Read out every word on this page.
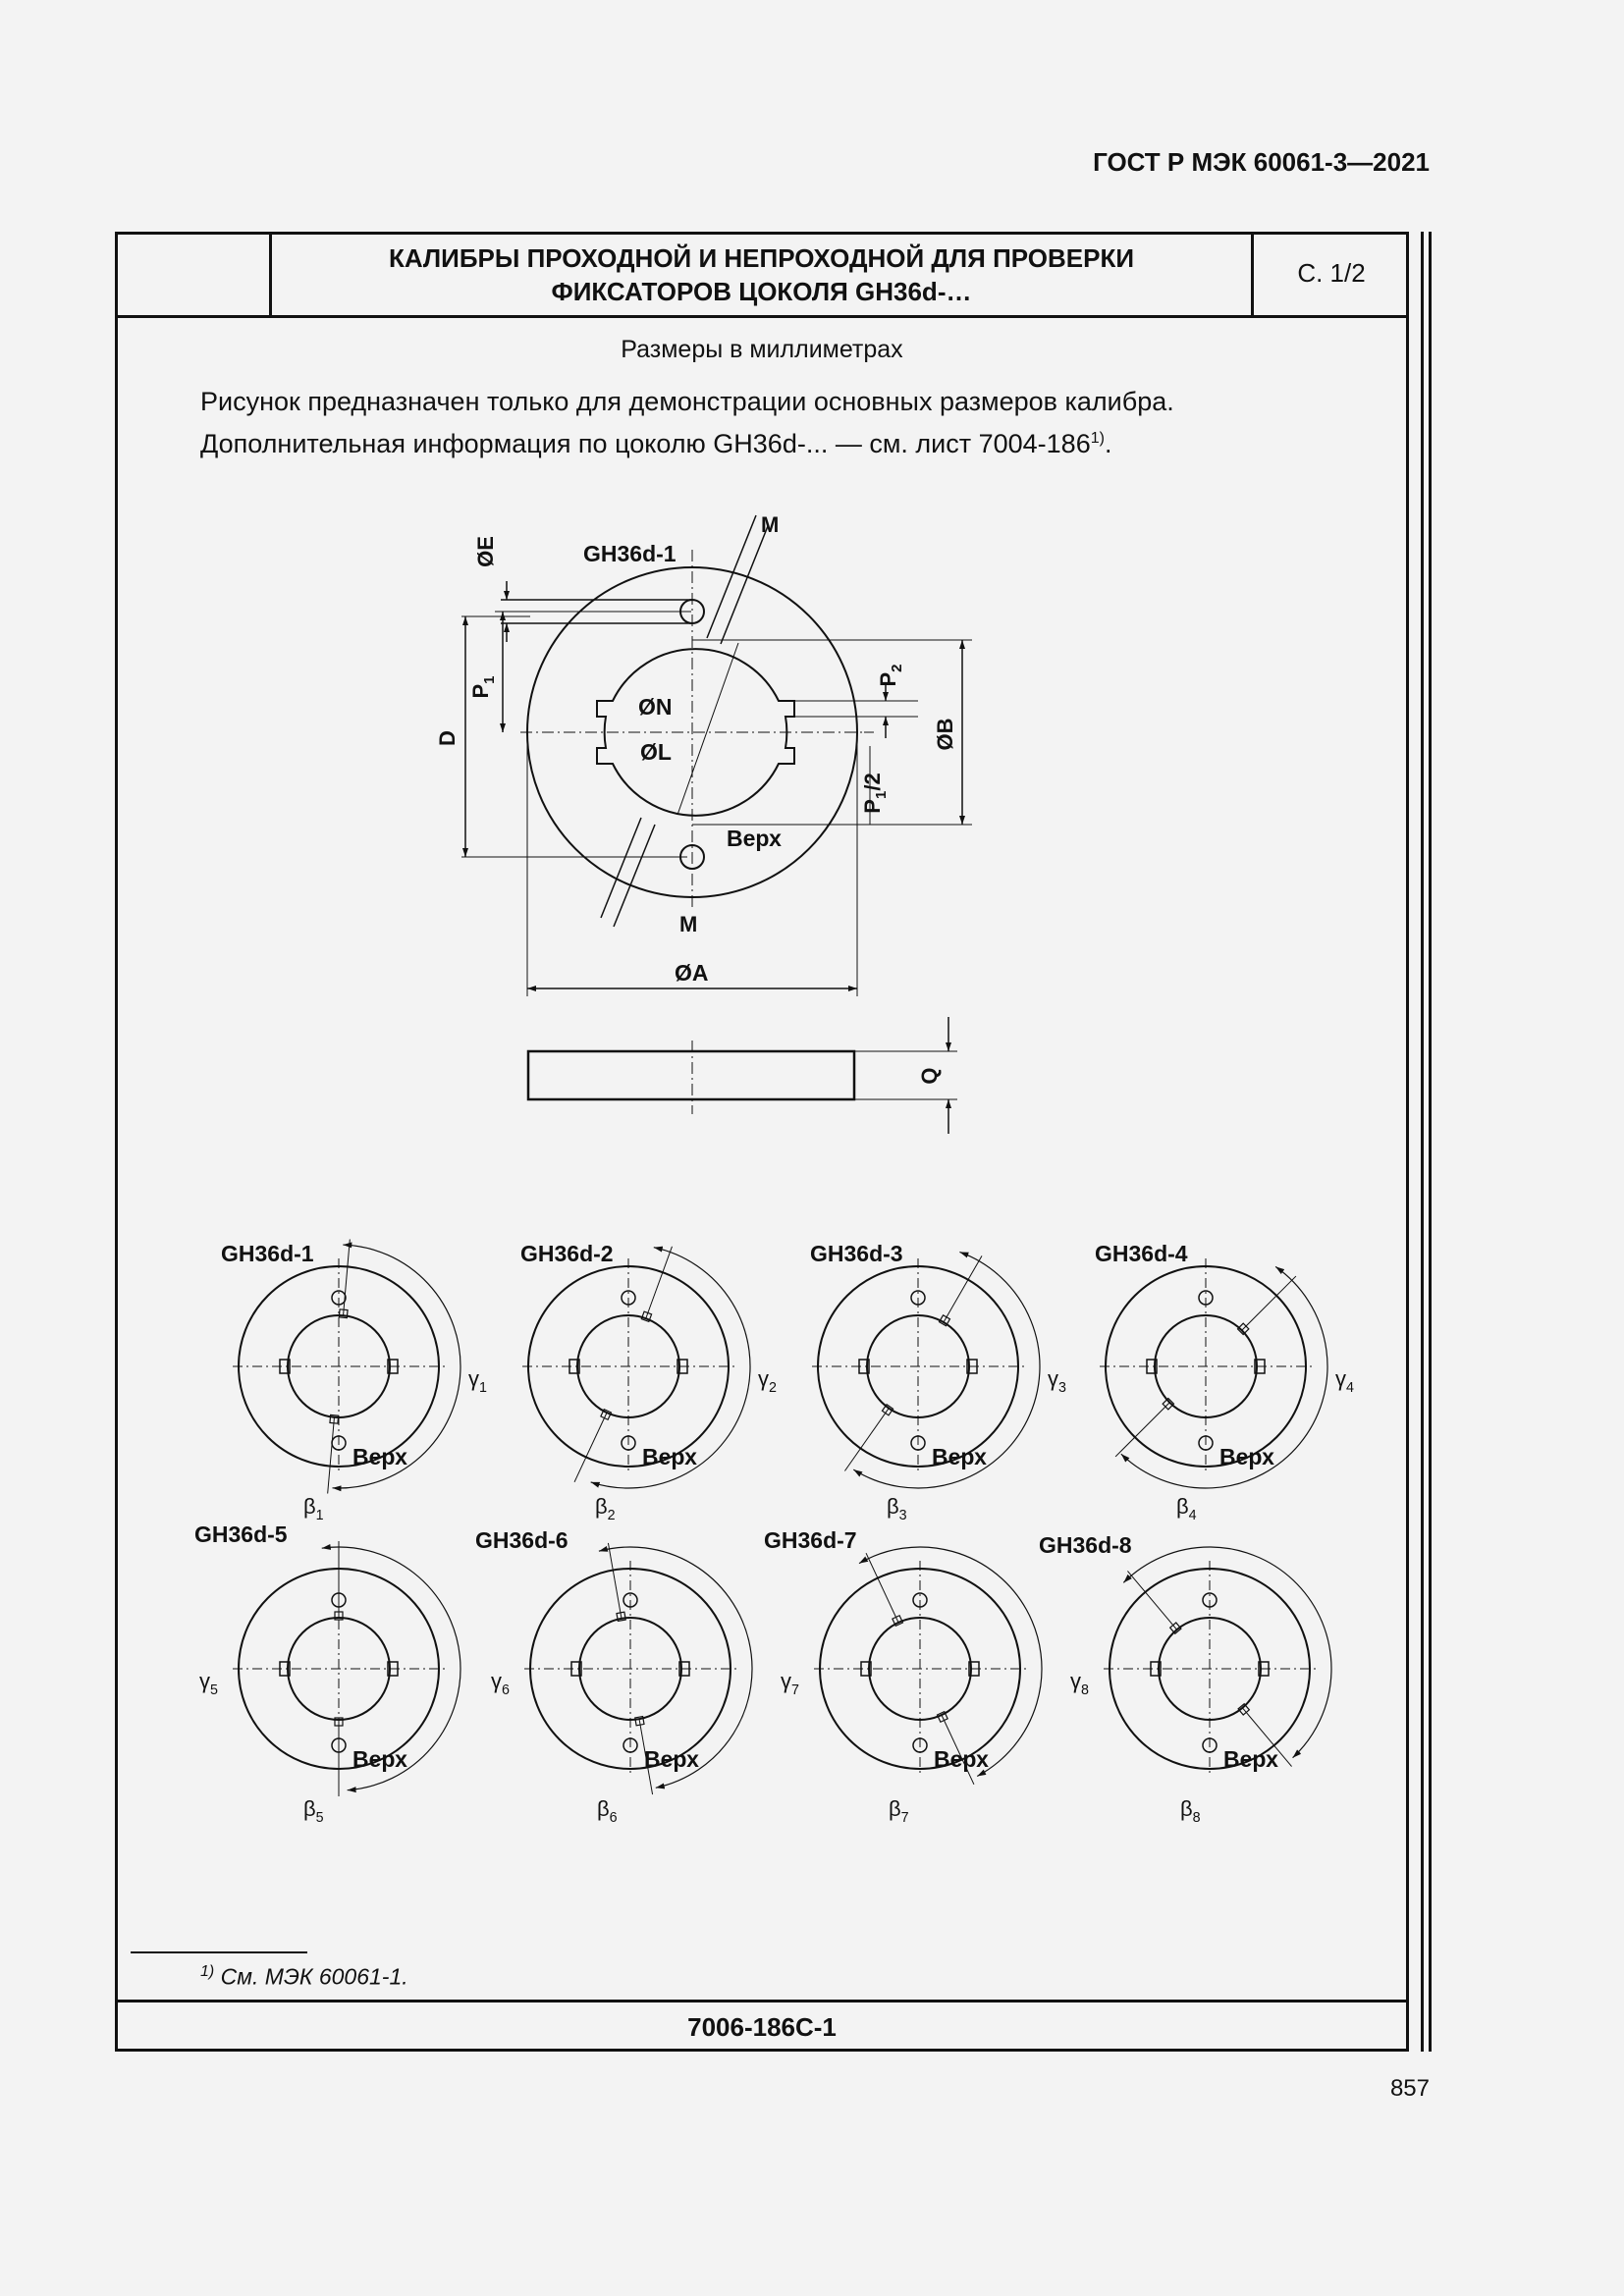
ГОСТ Р МЭК 60061-3—2021
КАЛИБРЫ ПРОХОДНОЙ И НЕПРОХОДНОЙ ДЛЯ ПРОВЕРКИ
ФИКСАТОРОВ ЦОКОЛЯ GH36d-…
С. 1/2
Размеры в миллиметрах
Рисунок предназначен только для демонстрации основных размеров калибра.
Дополнительная информация по цоколю GH36d-... — см. лист 7004-186$^{1)}$.
GH36d-1
ØE
M
$P_1$
D
ØN
ØL
ØB
$P_2$
$P_1/2$
Верх
M
ØA
Q
GH36d-1
$\gamma_1$
Верх
$\beta_1$
GH36d-2
$\gamma_2$
Верх
$\beta_2$
GH36d-3
$\gamma_3$
Верх
$\beta_3$
GH36d-4
$\gamma_4$
Верх
$\beta_4$
GH36d-5
$\gamma_5$
Верх
$\beta_5$
GH36d-6
$\gamma_6$
Верх
$\beta_6$
GH36d-7
$\gamma_7$
Верх
$\beta_7$
GH36d-8
$\gamma_8$
Верх
$\beta_8$
$^{1)}$ См. МЭК 60061-1.
7006-186C-1
857
